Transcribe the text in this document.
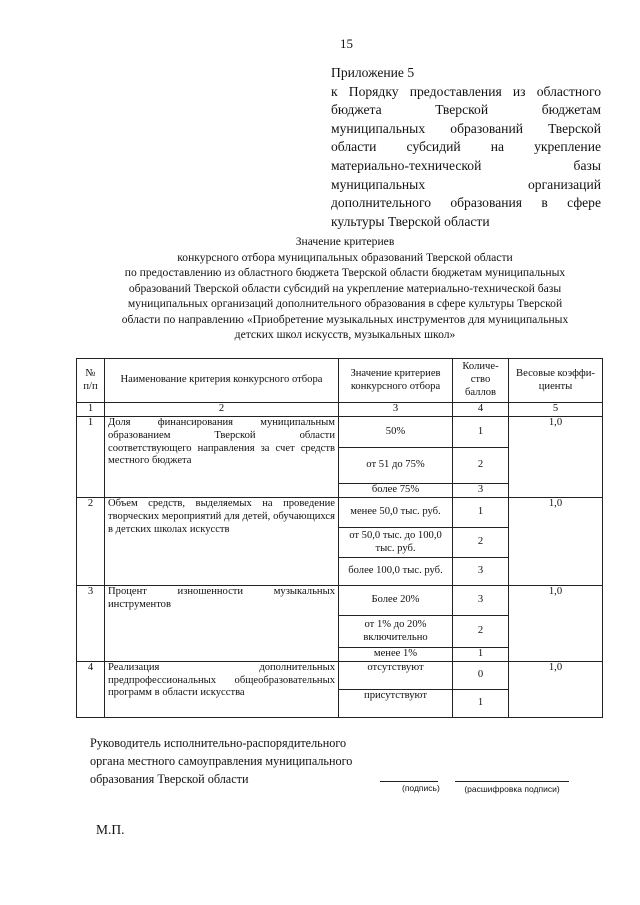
15
Приложение 5
к Порядку предоставления из областного
бюджета Тверской бюджетам
муниципальных образований Тверской
области субсидий на укрепление
материально-технической базы
муниципальных организаций
дополнительного образования в сфере
культуры Тверской области
Значение критериев
конкурсного отбора муниципальных образований Тверской области
по предоставлению из областного бюджета Тверской области бюджетам муниципальных
образований Тверской области субсидий на укрепление материально-технической базы
муниципальных организаций дополнительного образования в сфере культуры Тверской
области по направлению «Приобретение музыкальных инструментов для муниципальных
детских школ искусств, музыкальных школ»
№ п/п	Наименование критерия конкурсного отбора	Значение критериев конкурсного отбора	Количе-ство баллов	Весовые коэффи-циенты
1	2	3	4	5
1	Доля финансирования муниципальным образованием Тверской области соответствующего направления за счет средств местного бюджета	50%	1	1,0
		от 51 до 75%	2	
		более 75%	3	
2	Объем средств, выделяемых на проведение творческих мероприятий для детей, обучающихся в детских школах искусств	менее 50,0 тыс. руб.	1	1,0
		от 50,0 тыс. до 100,0 тыс. руб.	2	
		более 100,0 тыс. руб.	3	
3	Процент изношенности музыкальных инструментов	Более 20%	3	1,0
		от 1% до 20% включительно	2	
		менее 1%	1	
4	Реализация дополнительных предпрофессиональных общеобразовательных программ в области искусства	отсутствуют	0	1,0
		присутствуют	1	
Руководитель исполнительно-распорядительного
органа местного самоуправления муниципального
образования Тверской области
(подпись)	(расшифровка подписи)
М.П.
